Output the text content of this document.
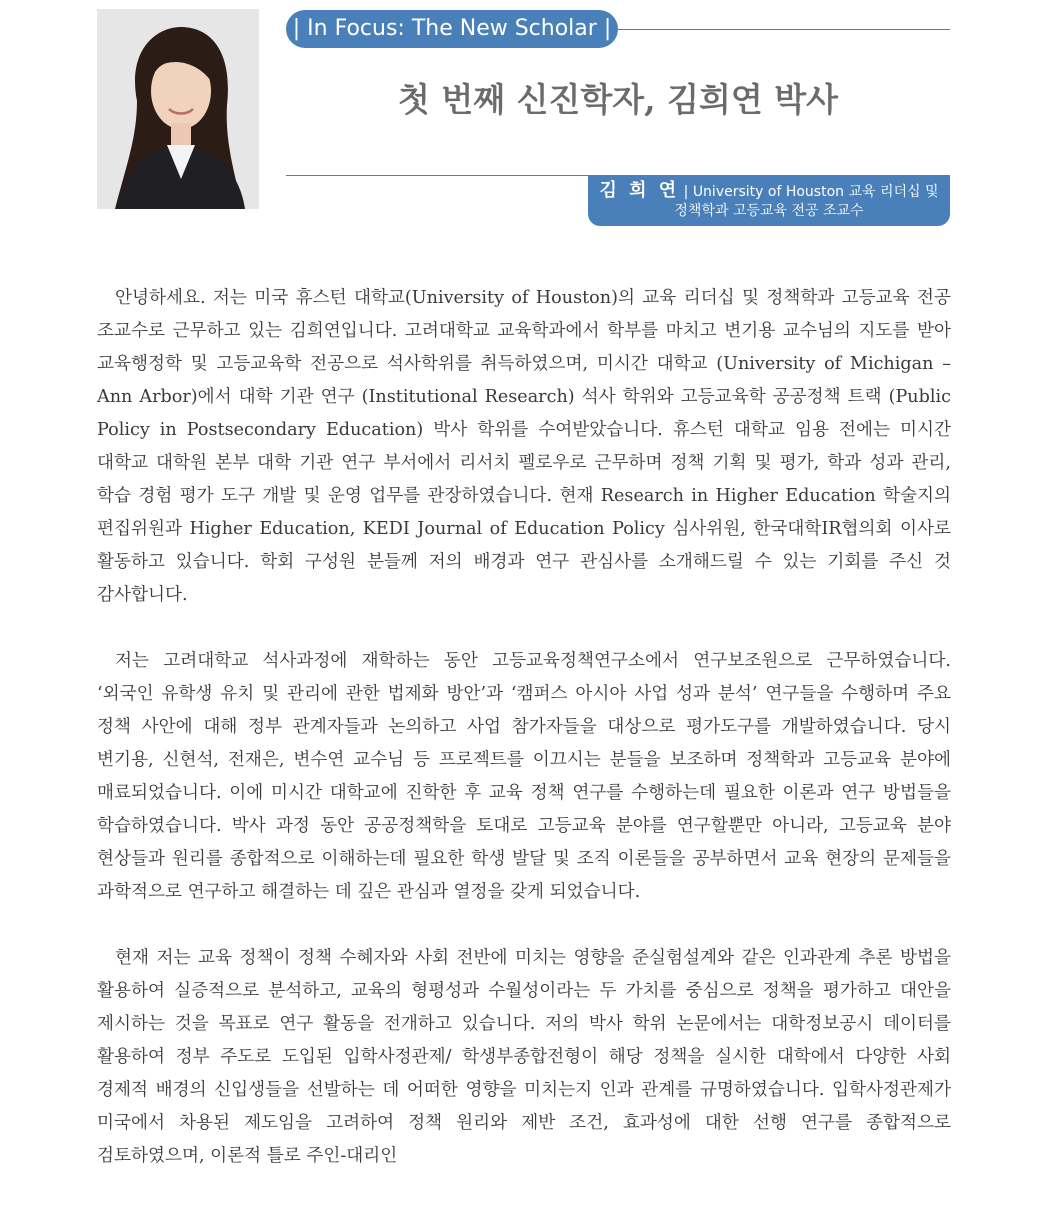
| In Focus: The New Scholar |
첫 번째 신진학자, 김희연 박사
김 희 연 | University of Houston 교육 리더십 및
정책학과 고등교육 전공 조교수

안녕하세요. 저는 미국 휴스턴 대학교(University of Houston)의 교육 리더십 및 정책학과 고등교육 전공 조교수로 근무하고 있는 김희연입니다. 고려대학교 교육학과에서 학부를 마치고 변기용 교수님의 지도를 받아 교육행정학 및 고등교육학 전공으로 석사학위를 취득하였으며, 미시간 대학교 (University of Michigan – Ann Arbor)에서 대학 기관 연구 (Institutional Research) 석사 학위와 고등교육학 공공정책 트랙 (Public Policy in Postsecondary Education) 박사 학위를 수여받았습니다. 휴스턴 대학교 임용 전에는 미시간 대학교 대학원 본부 대학 기관 연구 부서에서 리서치 펠로우로 근무하며 정책 기획 및 평가, 학과 성과 관리, 학습 경험 평가 도구 개발 및 운영 업무를 관장하였습니다. 현재 Research in Higher Education 학술지의 편집위원과 Higher Education, KEDI Journal of Education Policy 심사위원, 한국대학IR협의회 이사로 활동하고 있습니다. 학회 구성원 분들께 저의 배경과 연구 관심사를 소개해드릴 수 있는 기회를 주신 것 감사합니다.

저는 고려대학교 석사과정에 재학하는 동안 고등교육정책연구소에서 연구보조원으로 근무하였습니다. ‘외국인 유학생 유치 및 관리에 관한 법제화 방안’과 ‘캠퍼스 아시아 사업 성과 분석’ 연구들을 수행하며 주요 정책 사안에 대해 정부 관계자들과 논의하고 사업 참가자들을 대상으로 평가도구를 개발하였습니다. 당시 변기용, 신현석, 전재은, 변수연 교수님 등 프로젝트를 이끄시는 분들을 보조하며 정책학과 고등교육 분야에 매료되었습니다. 이에 미시간 대학교에 진학한 후 교육 정책 연구를 수행하는데 필요한 이론과 연구 방법들을 학습하였습니다. 박사 과정 동안 공공정책학을 토대로 고등교육 분야를 연구할뿐만 아니라, 고등교육 분야 현상들과 원리를 종합적으로 이해하는데 필요한 학생 발달 및 조직 이론들을 공부하면서 교육 현장의 문제들을 과학적으로 연구하고 해결하는 데 깊은 관심과 열정을 갖게 되었습니다.

현재 저는 교육 정책이 정책 수혜자와 사회 전반에 미치는 영향을 준실험설계와 같은 인과관계 추론 방법을 활용하여 실증적으로 분석하고, 교육의 형평성과 수월성이라는 두 가치를 중심으로 정책을 평가하고 대안을 제시하는 것을 목표로 연구 활동을 전개하고 있습니다. 저의 박사 학위 논문에서는 대학정보공시 데이터를 활용하여 정부 주도로 도입된 입학사정관제/ 학생부종합전형이 해당 정책을 실시한 대학에서 다양한 사회 경제적 배경의 신입생들을 선발하는 데 어떠한 영향을 미치는지 인과 관계를 규명하였습니다. 입학사정관제가 미국에서 차용된 제도임을 고려하여 정책 원리와 제반 조건, 효과성에 대한 선행 연구를 종합적으로 검토하였으며, 이론적 틀로 주인-대리인
